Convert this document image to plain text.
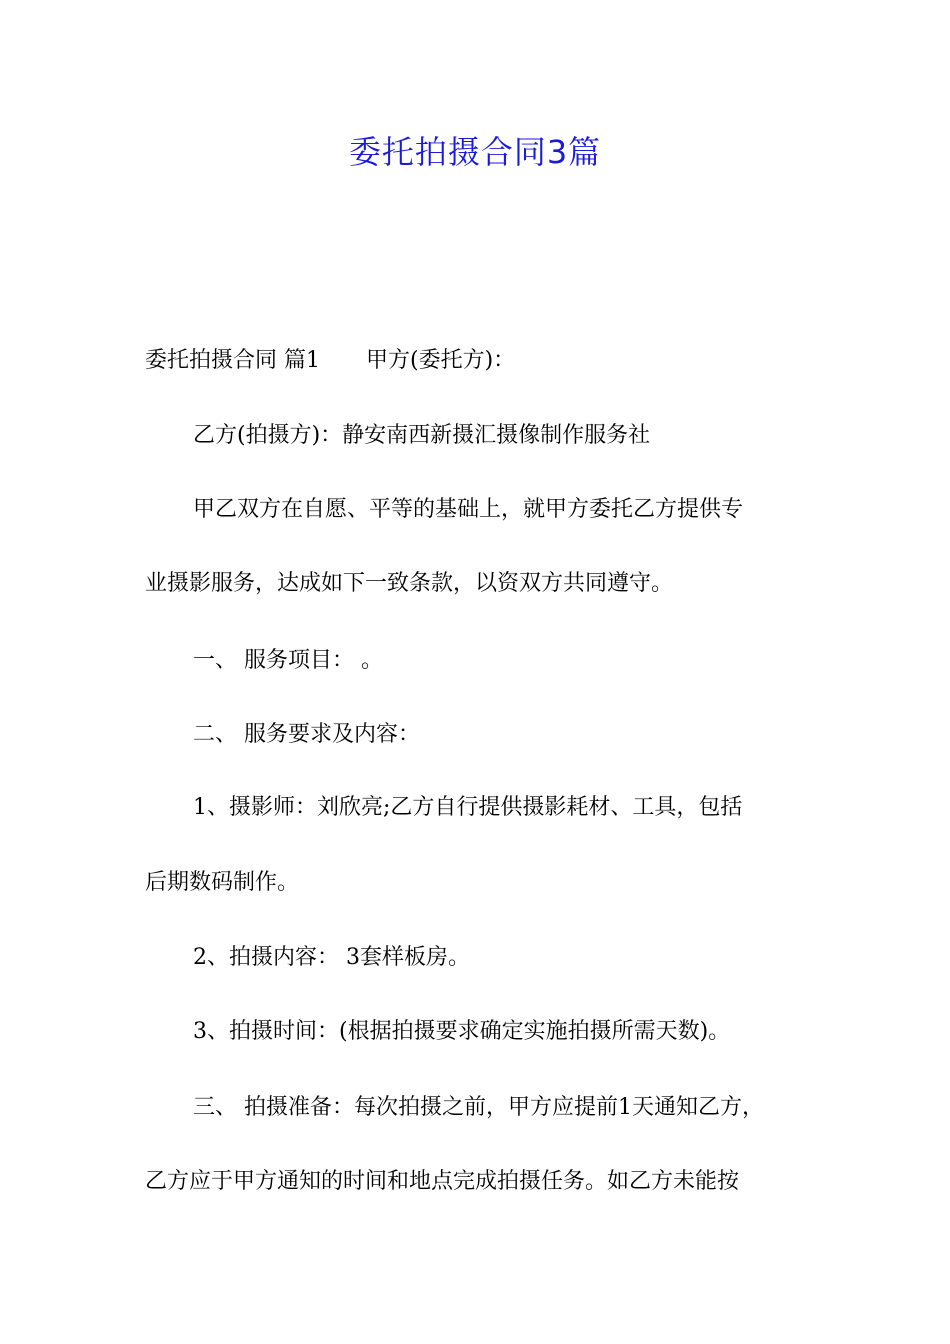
委托拍摄合同3篇
委托拍摄合同 篇1 甲方(委托方)：
乙方(拍摄方)：静安南西新摄汇摄像制作服务社
甲乙双方在自愿、平等的基础上，就甲方委托乙方提供专
业摄影服务，达成如下一致条款，以资双方共同遵守。
一、 服务项目： 。
二、 服务要求及内容：
1、摄影师：刘欣亮;乙方自行提供摄影耗材、工具，包括
后期数码制作。
2、拍摄内容： 3套样板房。
3、拍摄时间：(根据拍摄要求确定实施拍摄所需天数)。
三、 拍摄准备：每次拍摄之前，甲方应提前1天通知乙方，
乙方应于甲方通知的时间和地点完成拍摄任务。如乙方未能按
